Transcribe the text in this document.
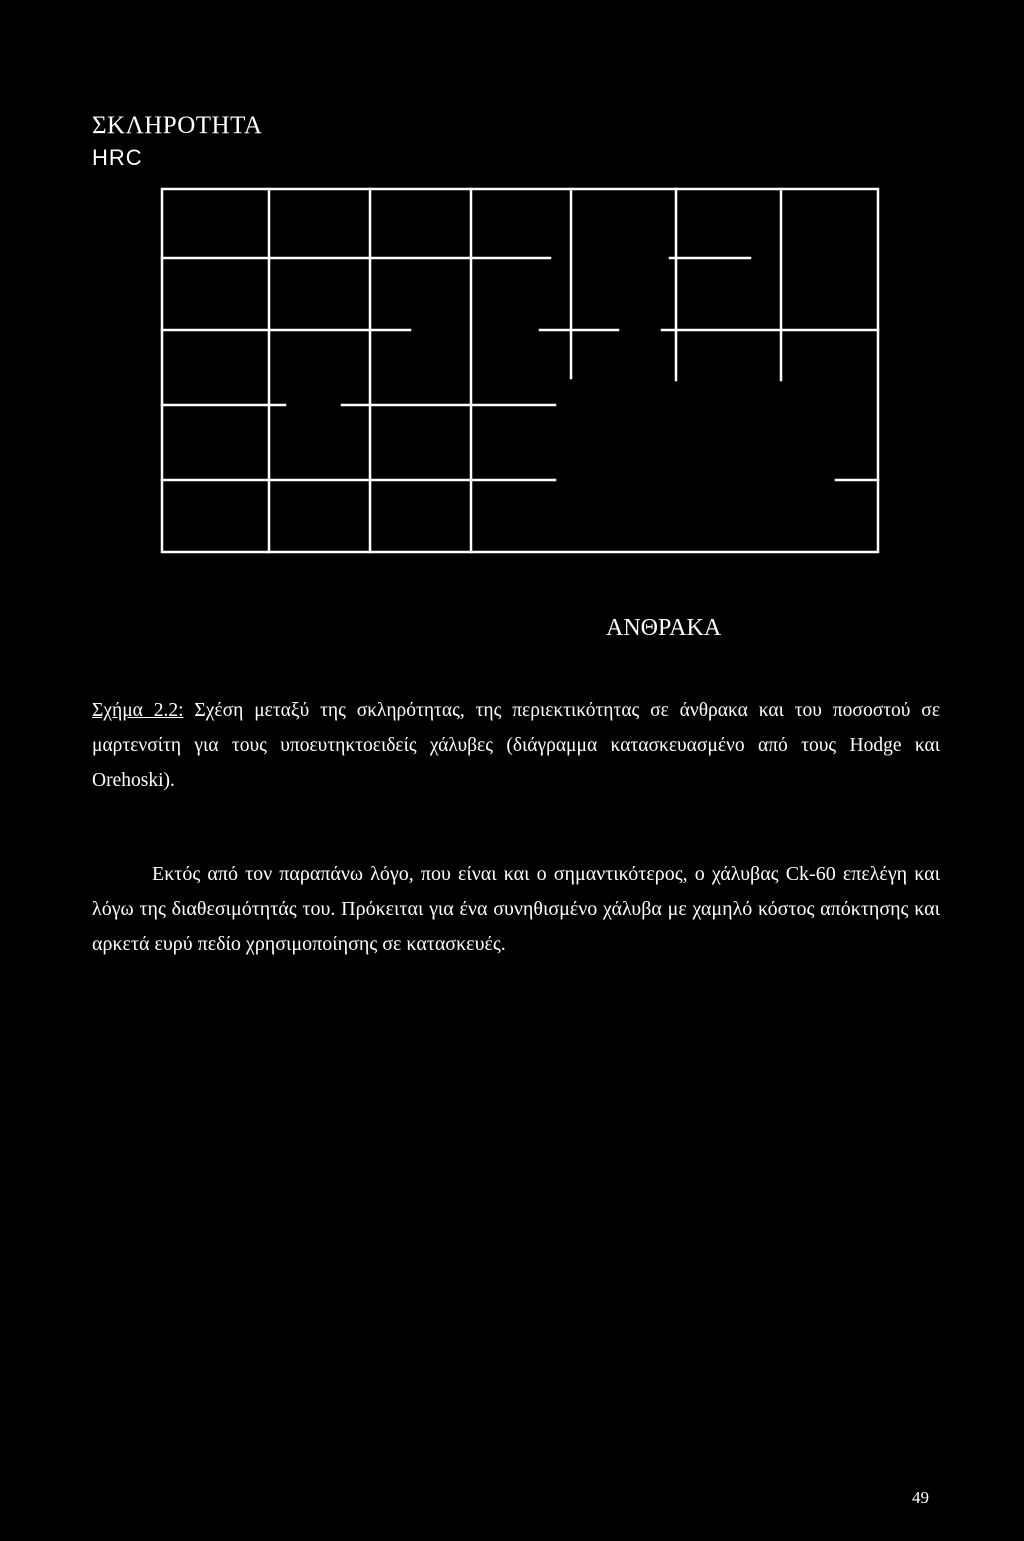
ΣΚΛΗΡΟΤΗΤΑ
HRC
ΑΝΘΡΑΚΑ
Σχήμα 2.2: Σχέση μεταξύ της σκληρότητας, της περιεκτικότητας σε άνθρακα και του ποσοστού σε μαρτενσίτη για τους υποευτηκτοειδείς χάλυβες (διάγραμμα κατασκευασμένο από τους Hodge και Orehoski).
Εκτός από τον παραπάνω λόγο, που είναι και ο σημαντικότερος, ο χάλυβας Ck-60 επελέγη και λόγω της διαθεσιμότητάς του. Πρόκειται για ένα συνηθισμένο χάλυβα με χαμηλό κόστος απόκτησης και αρκετά ευρύ πεδίο χρησιμοποίησης σε κατασκευές.
49
